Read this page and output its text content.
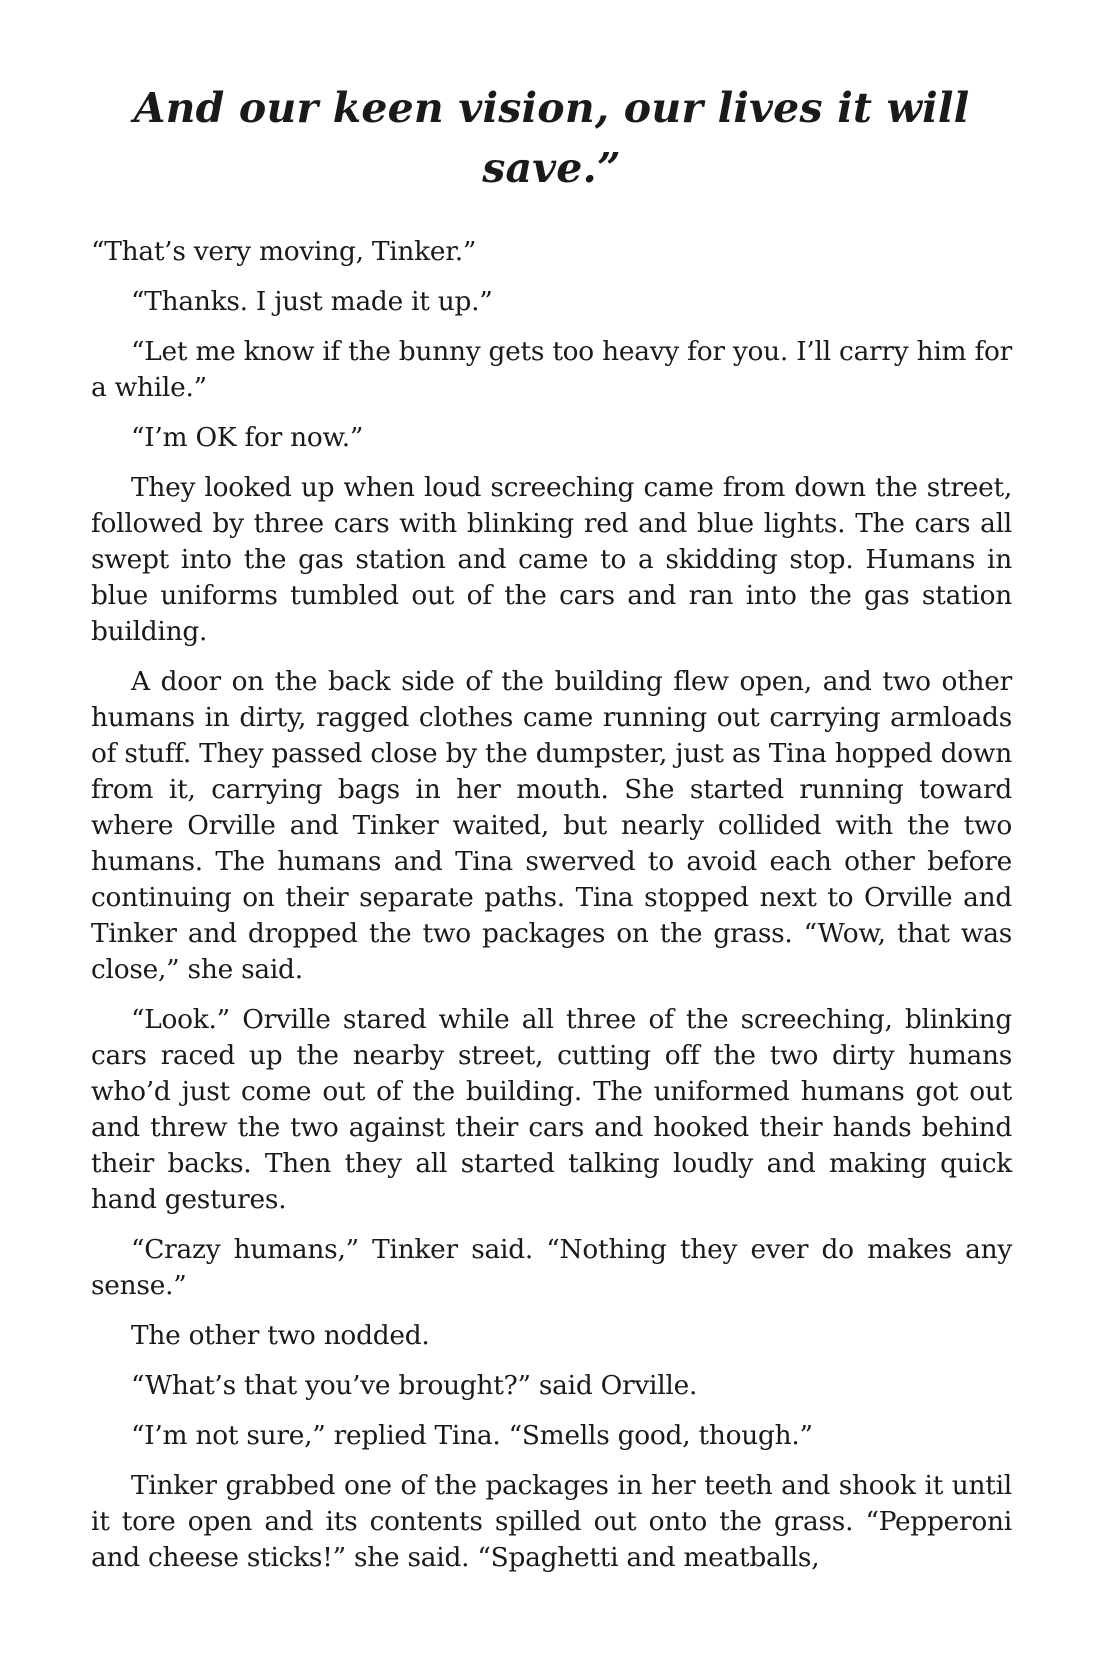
And our keen vision, our lives it will save.”

“That’s very moving, Tinker.”

“Thanks. I just made it up.”

“Let me know if the bunny gets too heavy for you. I’ll carry him for a while.”

“I’m OK for now.”

They looked up when loud screeching came from down the street, followed by three cars with blinking red and blue lights. The cars all swept into the gas station and came to a skidding stop. Humans in blue uniforms tumbled out of the cars and ran into the gas station building.

A door on the back side of the building flew open, and two other humans in dirty, ragged clothes came running out carrying armloads of stuff. They passed close by the dumpster, just as Tina hopped down from it, carrying bags in her mouth. She started running toward where Orville and Tinker waited, but nearly collided with the two humans. The humans and Tina swerved to avoid each other before continuing on their separate paths. Tina stopped next to Orville and Tinker and dropped the two packages on the grass. “Wow, that was close,” she said.

“Look.” Orville stared while all three of the screeching, blinking cars raced up the nearby street, cutting off the two dirty humans who’d just come out of the building. The uniformed humans got out and threw the two against their cars and hooked their hands behind their backs. Then they all started talking loudly and making quick hand gestures.

“Crazy humans,” Tinker said. “Nothing they ever do makes any sense.”

The other two nodded.

“What’s that you’ve brought?” said Orville.

“I’m not sure,” replied Tina. “Smells good, though.”

Tinker grabbed one of the packages in her teeth and shook it until it tore open and its contents spilled out onto the grass. “Pepperoni and cheese sticks!” she said. “Spaghetti and meatballs,
